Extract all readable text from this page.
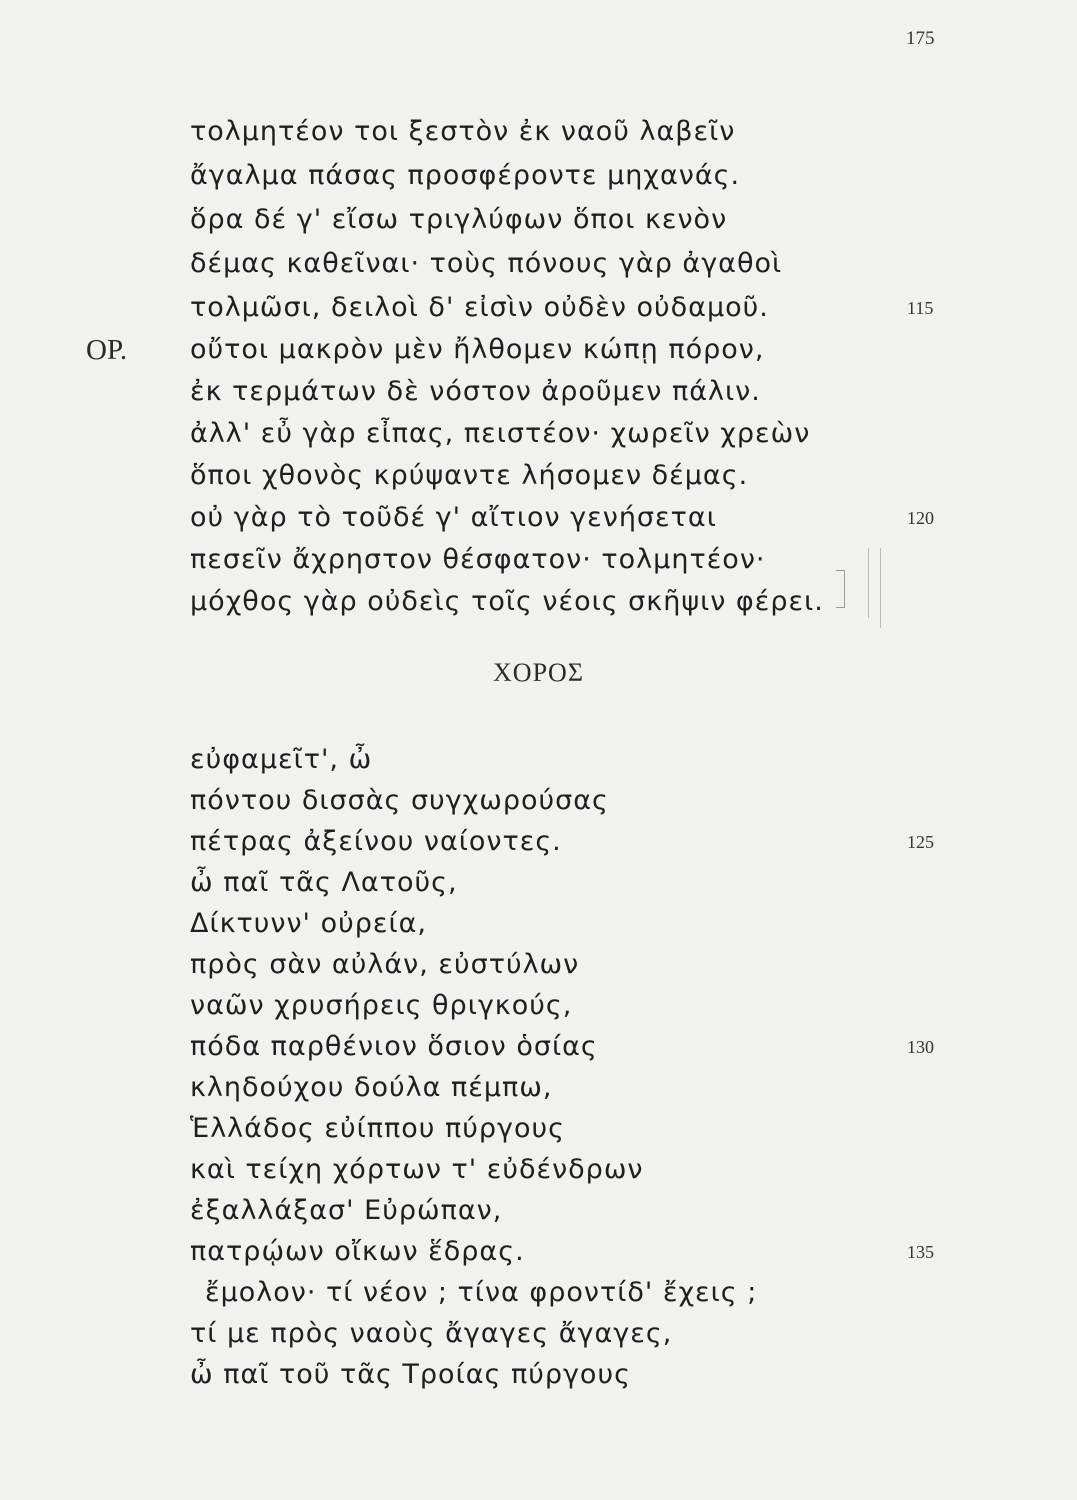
175
τολμητέον τοι ξεστὸν ἐκ ναοῦ λαβεῖν
ἄγαλμα πάσας προσφέροντε μηχανάς.
ὅρα δέ γ' εἴσω τριγλύφων ὅποι κενὸν
δέμας καθεῖναι· τοὺς πόνους γὰρ ἀγαθοὶ
τολμῶσι, δειλοὶ δ' εἰσὶν οὐδὲν οὐδαμοῦ.	115
ΟΡ. οὔτοι μακρὸν μὲν ἤλθομεν κώπῃ πόρον,
ἐκ τερμάτων δὲ νόστον ἀροῦμεν πάλιν.
ἀλλ' εὖ γὰρ εἶπας, πειστέον· χωρεῖν χρεὼν
ὅποι χθονὸς κρύψαντε λήσομεν δέμας.
οὐ γὰρ τὸ τοῦδέ γ' αἴτιον γενήσεται	120
πεσεῖν ἄχρηστον θέσφατον· τολμητέον·
μόχθος γὰρ οὐδεὶς τοῖς νέοις σκῆψιν φέρει.
ΧΟΡΟΣ
εὐφαμεῖτ', ὦ
πόντου δισσὰς συγχωρούσας
πέτρας ἀξείνου ναίοντες.	125
ὦ παῖ τᾶς Λατοῦς,
Δίκτυνν' οὐρεία,
πρὸς σὰν αὐλάν, εὐστύλων
ναῶν χρυσήρεις θριγκούς,
πόδα παρθένιον ὅσιον ὁσίας	130
κληδούχου δούλα πέμπω,
Ἑλλάδος εὐίππου πύργους
καὶ τείχη χόρτων τ' εὐδένδρων
ἐξαλλάξασ' Εὐρώπαν,
πατρῴων οἴκων ἕδρας.	135
ἔμολον· τί νέον ; τίνα φροντίδ' ἔχεις ;
τί με πρὸς ναοὺς ἄγαγες ἄγαγες,
ὦ παῖ τοῦ τᾶς Τροίας πύργους
